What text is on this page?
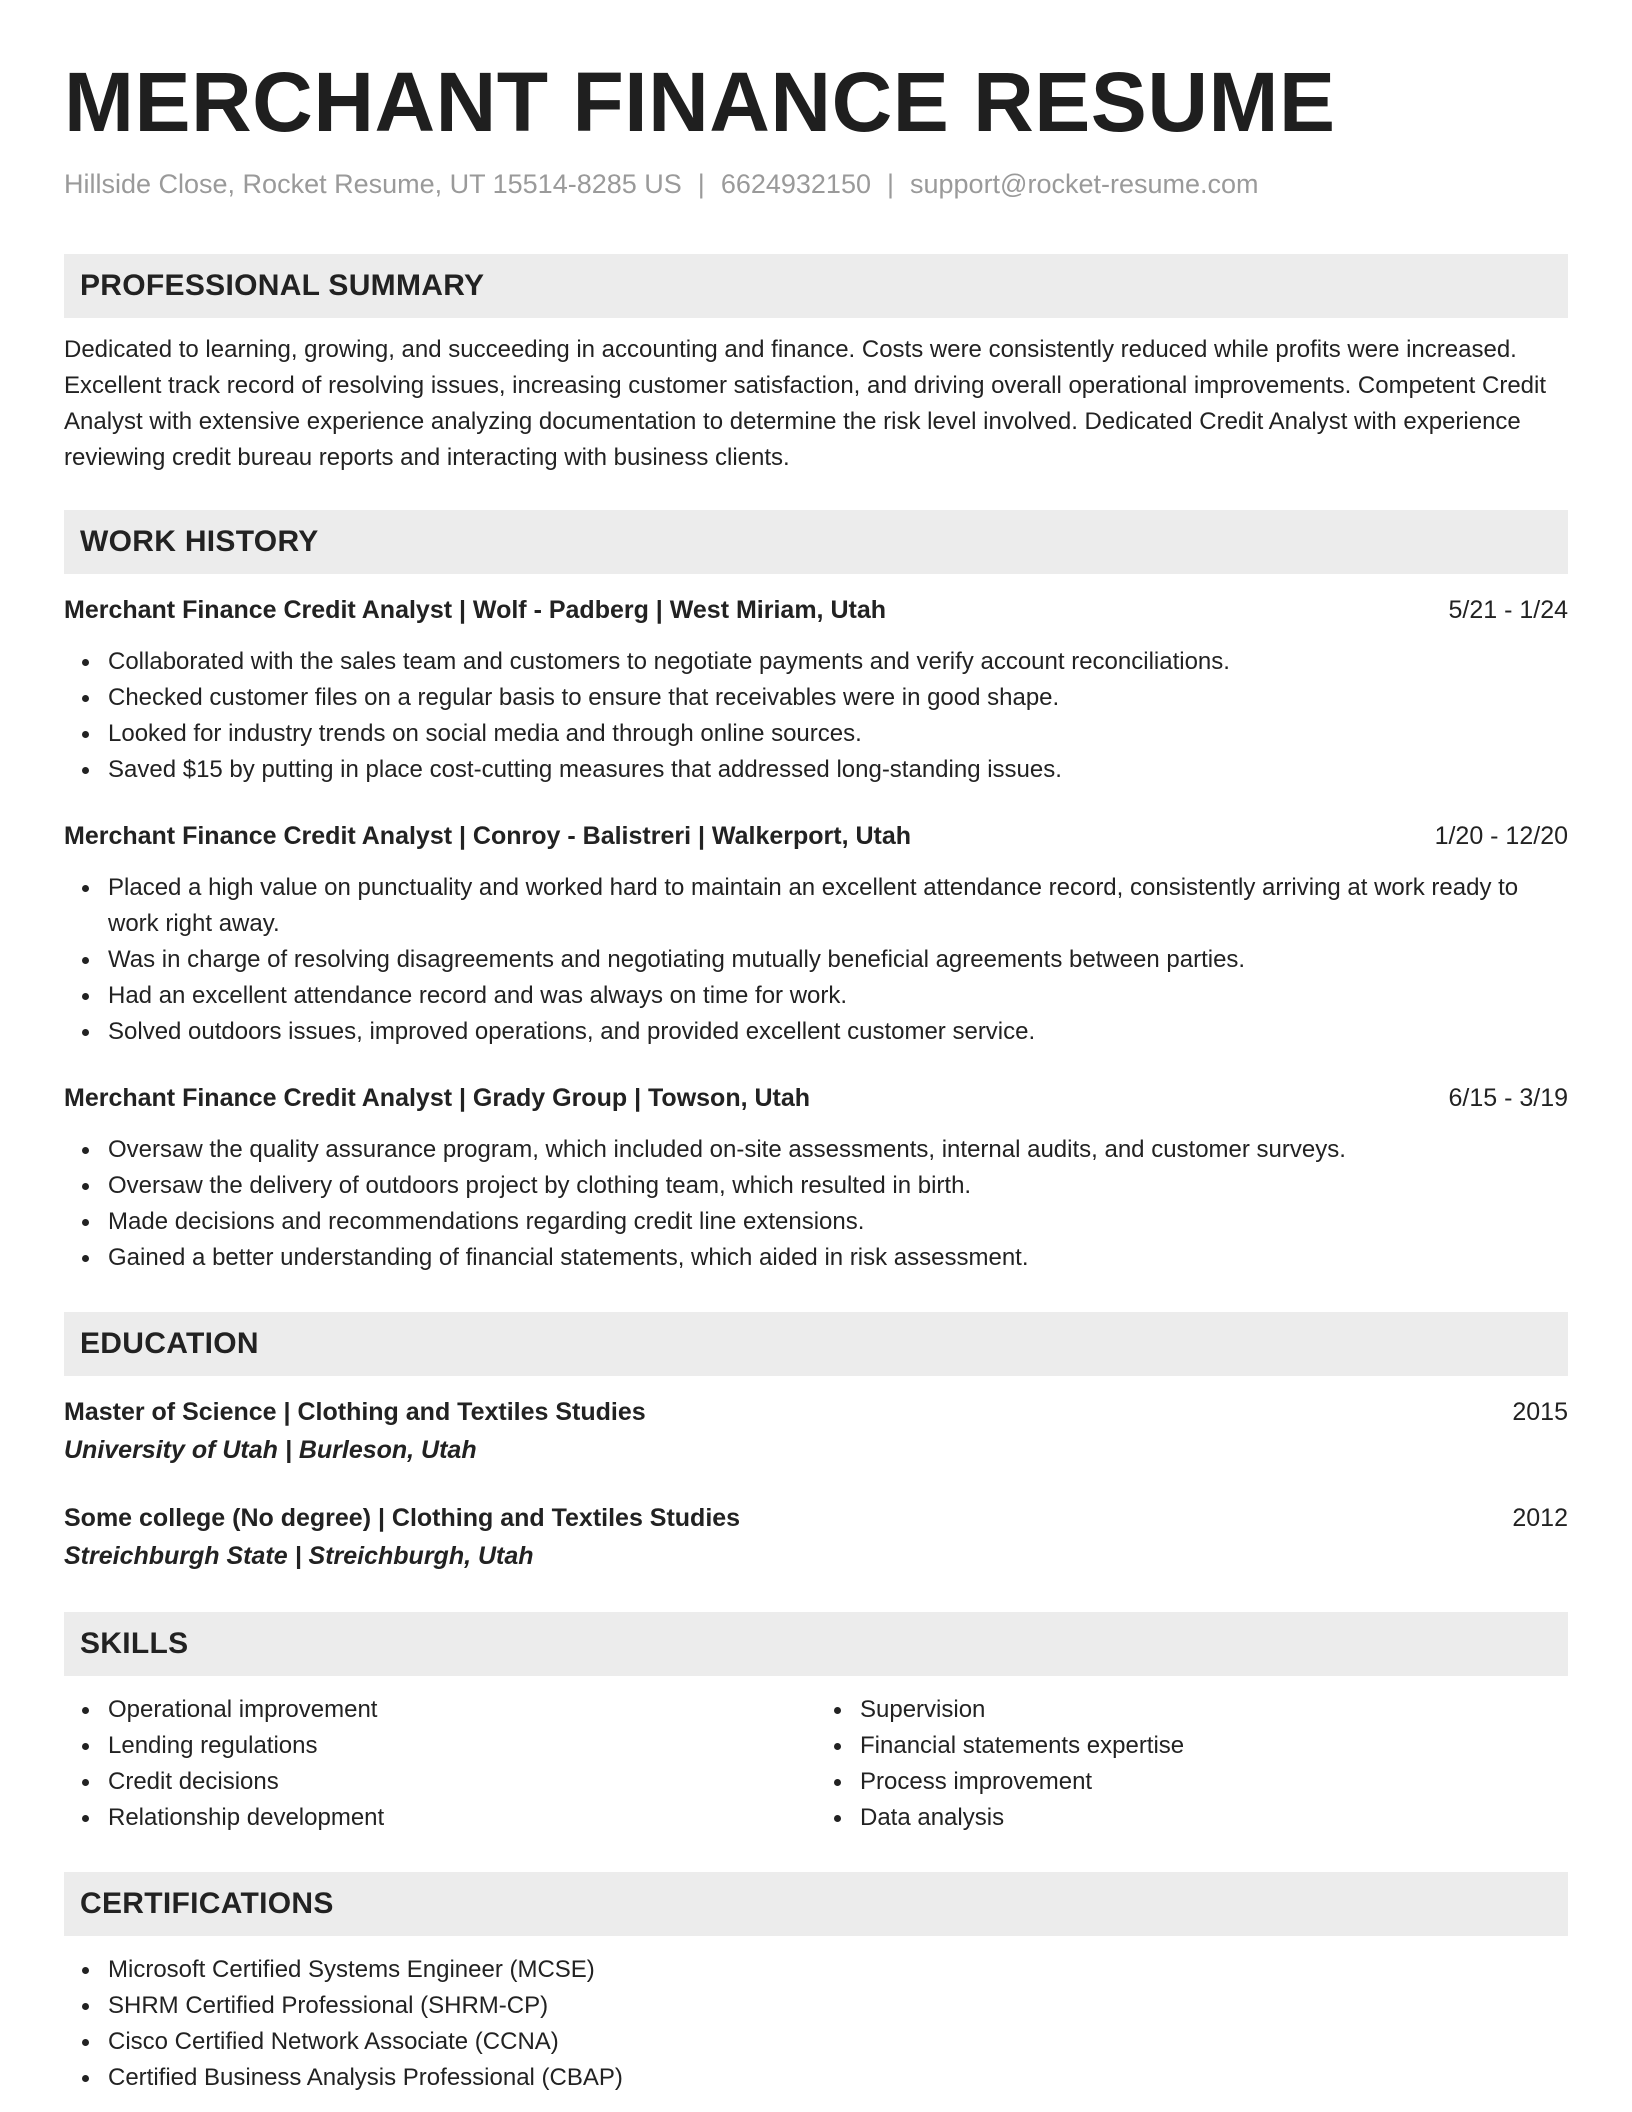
MERCHANT FINANCE RESUME
Hillside Close, Rocket Resume, UT 15514-8285 US | 6624932150 | support@rocket-resume.com
PROFESSIONAL SUMMARY
Dedicated to learning, growing, and succeeding in accounting and finance. Costs were consistently reduced while profits were increased. Excellent track record of resolving issues, increasing customer satisfaction, and driving overall operational improvements. Competent Credit Analyst with extensive experience analyzing documentation to determine the risk level involved. Dedicated Credit Analyst with experience reviewing credit bureau reports and interacting with business clients.
WORK HISTORY
Merchant Finance Credit Analyst | Wolf - Padberg | West Miriam, Utah	5/21 - 1/24
Collaborated with the sales team and customers to negotiate payments and verify account reconciliations.
Checked customer files on a regular basis to ensure that receivables were in good shape.
Looked for industry trends on social media and through online sources.
Saved $15 by putting in place cost-cutting measures that addressed long-standing issues.
Merchant Finance Credit Analyst | Conroy - Balistreri | Walkerport, Utah	1/20 - 12/20
Placed a high value on punctuality and worked hard to maintain an excellent attendance record, consistently arriving at work ready to work right away.
Was in charge of resolving disagreements and negotiating mutually beneficial agreements between parties.
Had an excellent attendance record and was always on time for work.
Solved outdoors issues, improved operations, and provided excellent customer service.
Merchant Finance Credit Analyst | Grady Group | Towson, Utah	6/15 - 3/19
Oversaw the quality assurance program, which included on-site assessments, internal audits, and customer surveys.
Oversaw the delivery of outdoors project by clothing team, which resulted in birth.
Made decisions and recommendations regarding credit line extensions.
Gained a better understanding of financial statements, which aided in risk assessment.
EDUCATION
Master of Science | Clothing and Textiles Studies	2015
University of Utah | Burleson, Utah
Some college (No degree) | Clothing and Textiles Studies	2012
Streichburgh State | Streichburgh, Utah
SKILLS
Operational improvement
Lending regulations
Credit decisions
Relationship development
Supervision
Financial statements expertise
Process improvement
Data analysis
CERTIFICATIONS
Microsoft Certified Systems Engineer (MCSE)
SHRM Certified Professional (SHRM-CP)
Cisco Certified Network Associate (CCNA)
Certified Business Analysis Professional (CBAP)
